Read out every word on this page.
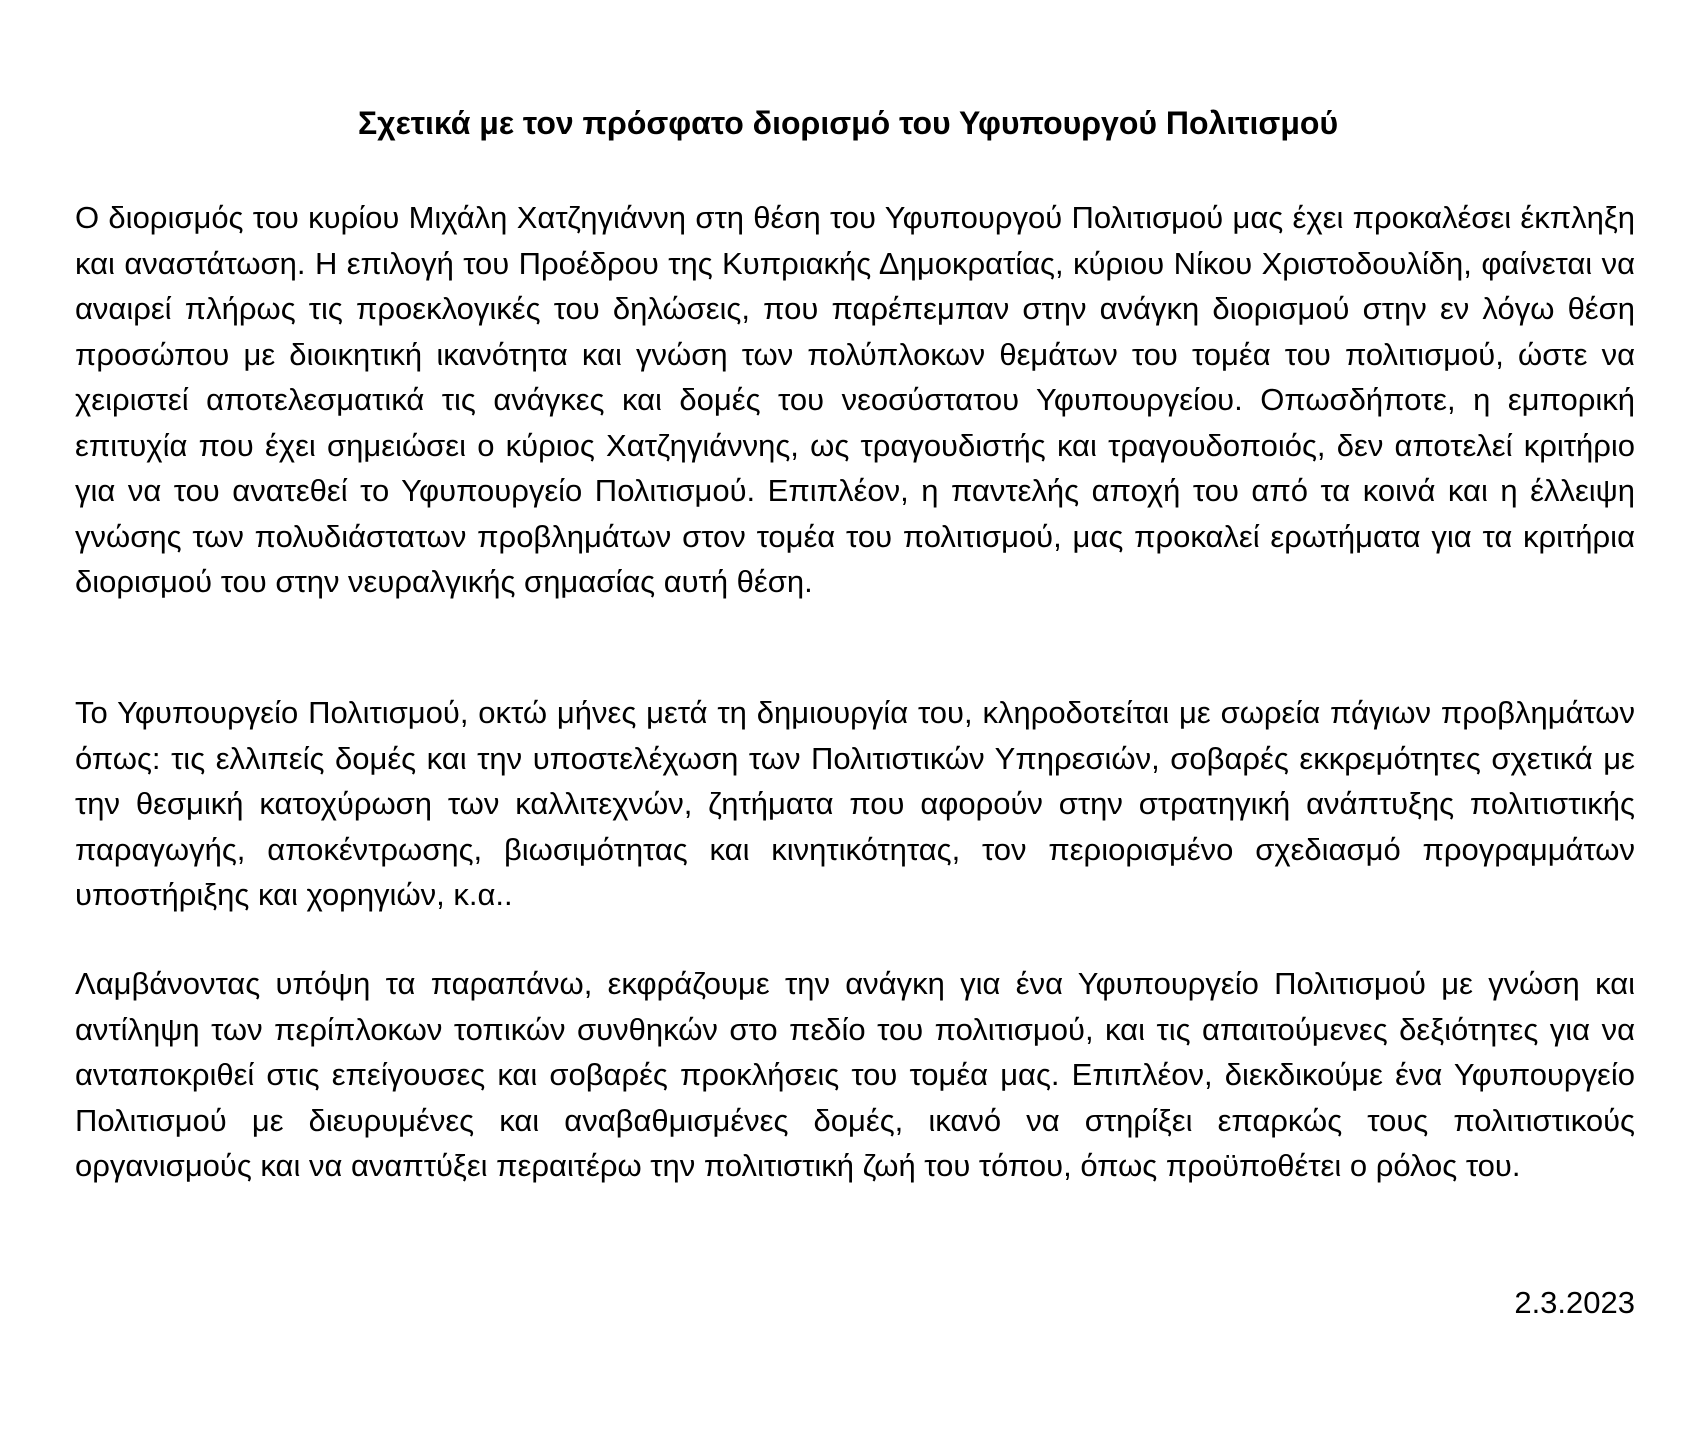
Σχετικά με τον πρόσφατο διορισμό του Υφυπουργού Πολιτισμού

Ο διορισμός του κυρίου Μιχάλη Χατζηγιάννη στη θέση του Υφυπουργού Πολιτισμού μας έχει προκαλέσει έκπληξη και αναστάτωση. Η επιλογή του Προέδρου της Κυπριακής Δημοκρατίας, κύριου Νίκου Χριστοδουλίδη, φαίνεται να αναιρεί πλήρως τις προεκλογικές του δηλώσεις, που παρέπεμπαν στην ανάγκη διορισμού στην εν λόγω θέση προσώπου με διοικητική ικανότητα και γνώση των πολύπλοκων θεμάτων του τομέα του πολιτισμού, ώστε να χειριστεί αποτελεσματικά τις ανάγκες και δομές του νεοσύστατου Υφυπουργείου. Οπωσδήποτε, η εμπορική επιτυχία που έχει σημειώσει ο κύριος Χατζηγιάννης, ως τραγουδιστής και τραγουδοποιός, δεν αποτελεί κριτήριο για να του ανατεθεί το Υφυπουργείο Πολιτισμού. Επιπλέον, η παντελής αποχή του από τα κοινά και η έλλειψη γνώσης των πολυδιάστατων προβλημάτων στον τομέα του πολιτισμού, μας προκαλεί ερωτήματα για τα κριτήρια διορισμού του στην νευραλγικής σημασίας αυτή θέση.

Το Υφυπουργείο Πολιτισμού, οκτώ μήνες μετά τη δημιουργία του, κληροδοτείται με σωρεία πάγιων προβλημάτων όπως: τις ελλιπείς δομές και την υποστελέχωση των Πολιτιστικών Υπηρεσιών, σοβαρές εκκρεμότητες σχετικά με την θεσμική κατοχύρωση των καλλιτεχνών, ζητήματα που αφορούν στην στρατηγική ανάπτυξης πολιτιστικής παραγωγής, αποκέντρωσης, βιωσιμότητας και κινητικότητας, τον περιορισμένο σχεδιασμό προγραμμάτων υποστήριξης και χορηγιών, κ.α..

Λαμβάνοντας υπόψη τα παραπάνω, εκφράζουμε την ανάγκη για ένα Υφυπουργείο Πολιτισμού με γνώση και αντίληψη των περίπλοκων τοπικών συνθηκών στο πεδίο του πολιτισμού, και τις απαιτούμενες δεξιότητες για να ανταποκριθεί στις επείγουσες και σοβαρές προκλήσεις του τομέα μας. Επιπλέον, διεκδικούμε ένα Υφυπουργείο Πολιτισμού με διευρυμένες και αναβαθμισμένες δομές, ικανό να στηρίξει επαρκώς τους πολιτιστικούς οργανισμούς και να αναπτύξει περαιτέρω την πολιτιστική ζωή του τόπου, όπως προϋποθέτει ο ρόλος του.

2.3.2023
